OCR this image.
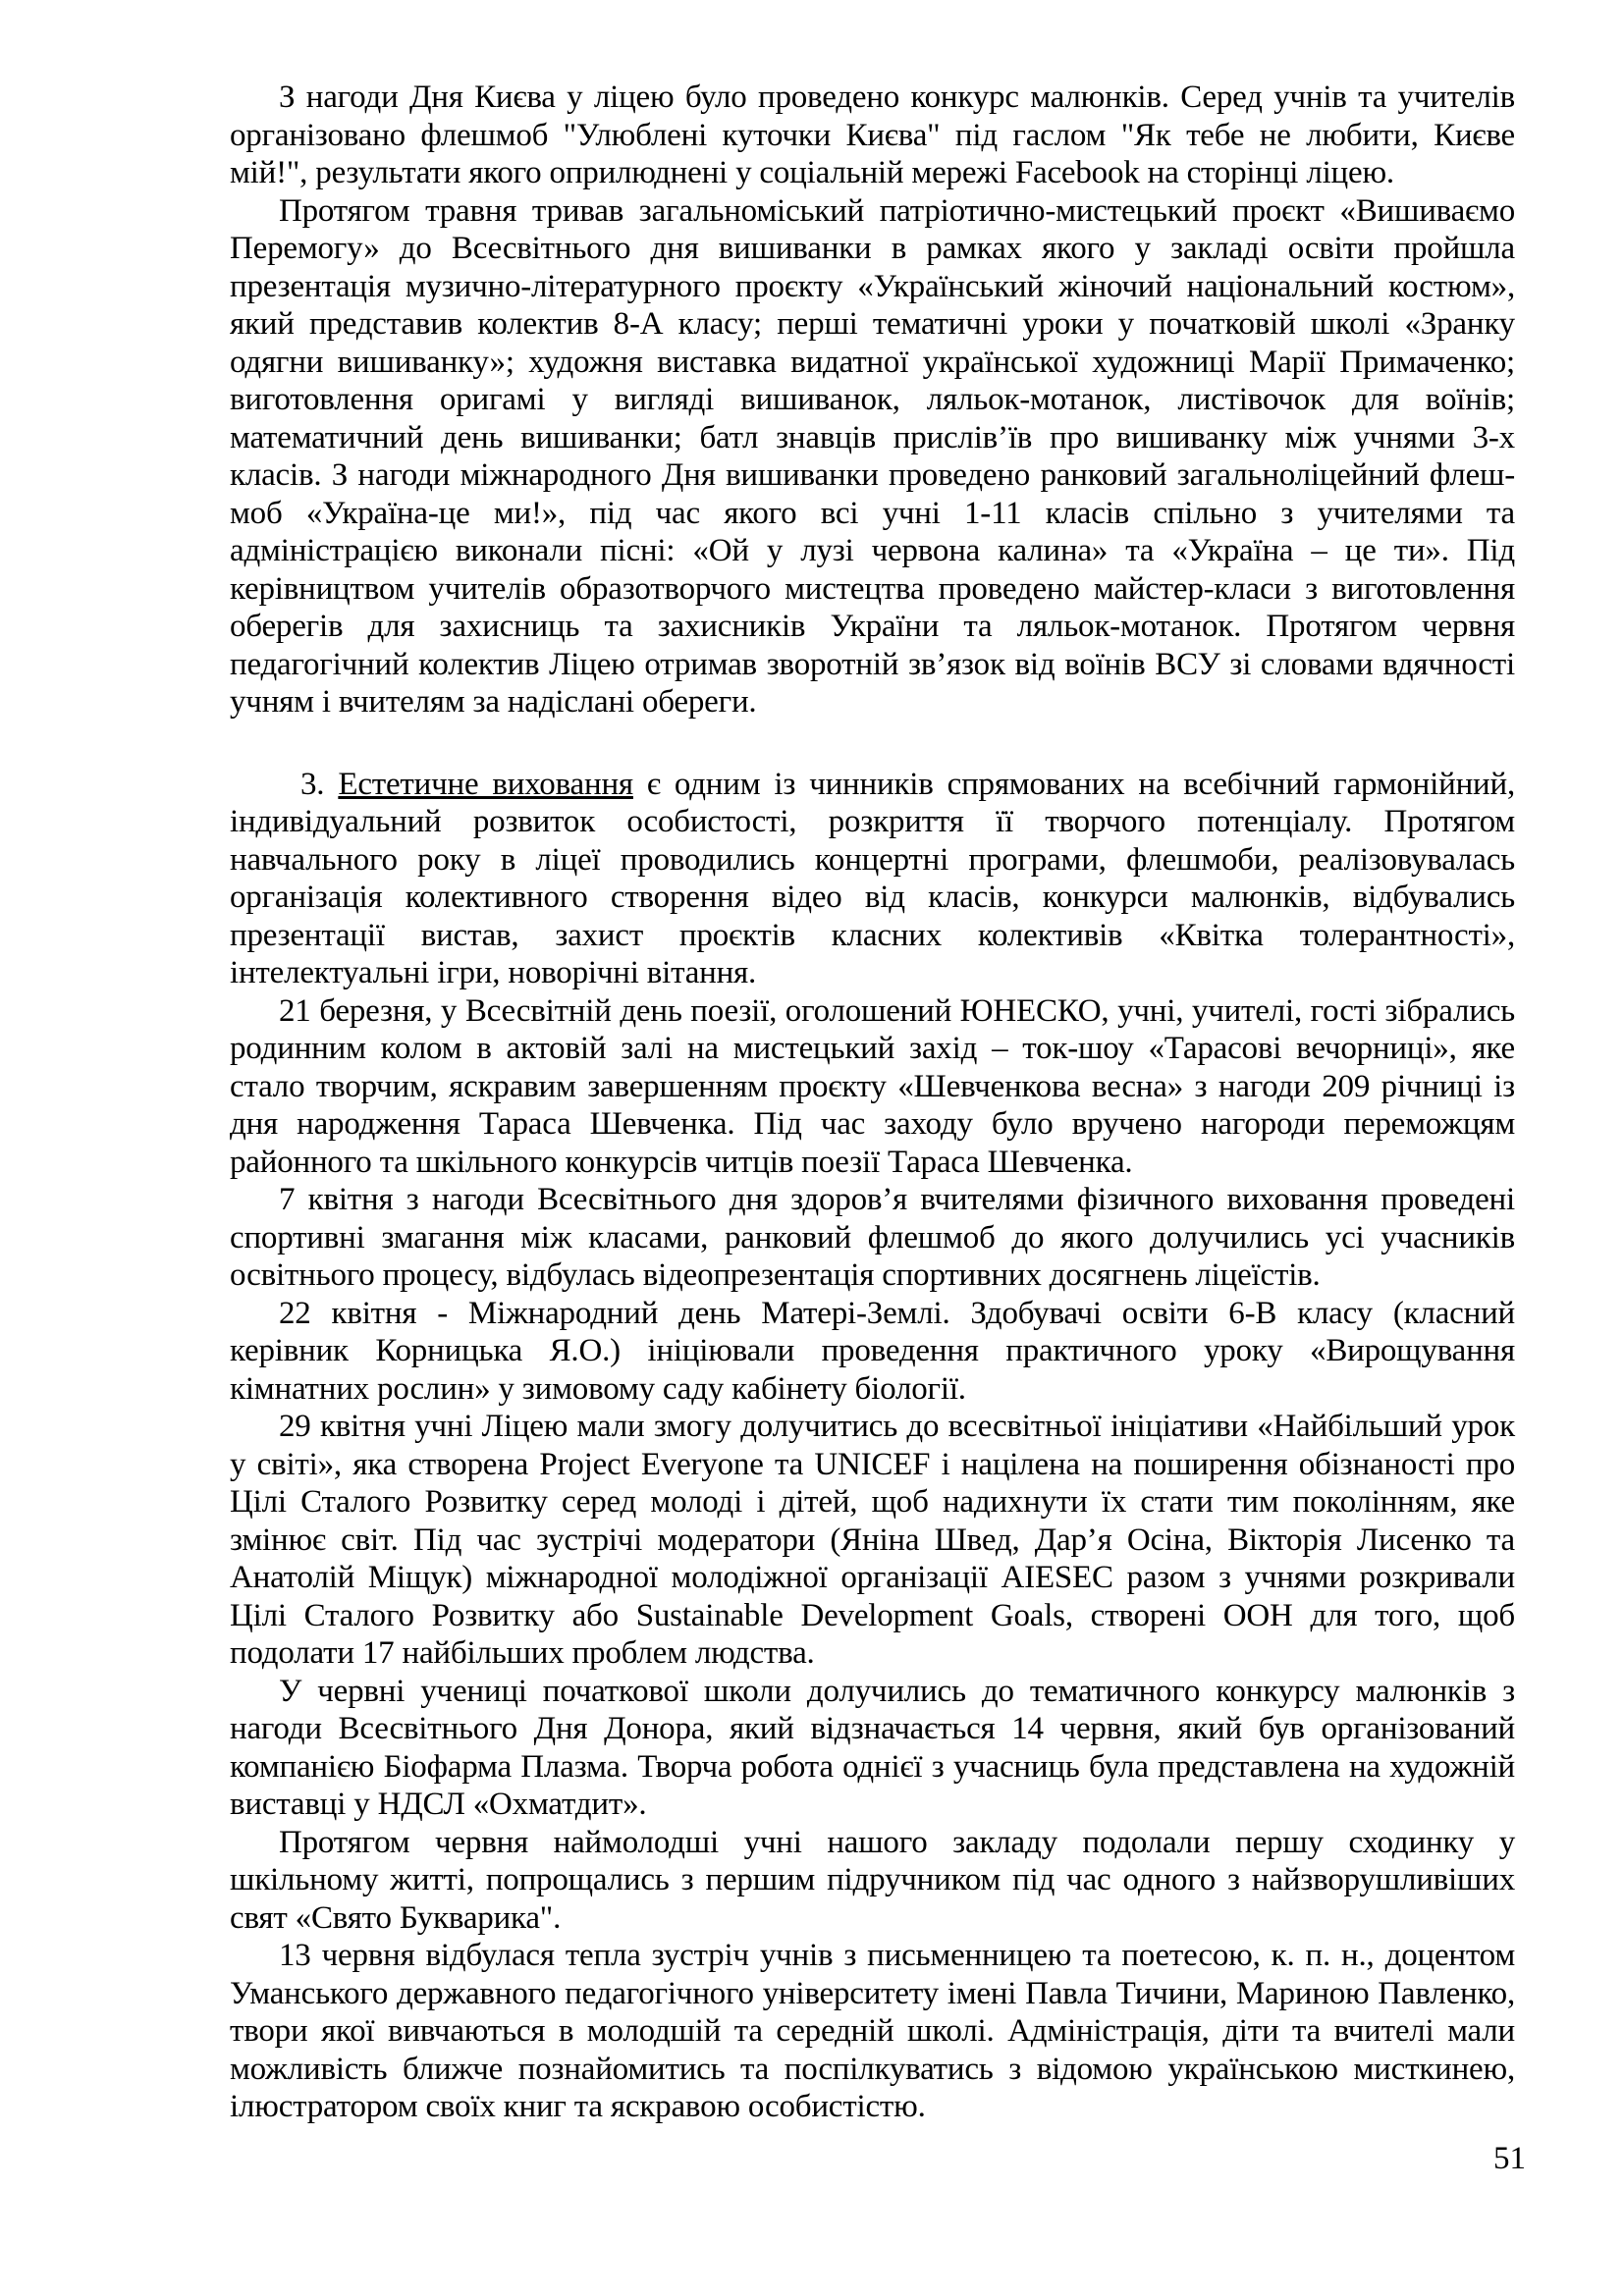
З нагоди Дня Києва у ліцею було проведено конкурс малюнків. Серед учнів та учителів організовано флешмоб "Улюблені куточки Києва" під гаслом "Як тебе не любити, Києве мій!", результати якого оприлюднені у соціальній мережі Facebook на сторінці ліцею.

Протягом травня тривав загальноміський патріотично-мистецький проєкт «Вишиваємо Перемогу» до Всесвітнього дня вишиванки в рамках якого у закладі освіти пройшла презентація музично-літературного проєкту «Український жіночий національний костюм», який представив колектив 8-А класу; перші тематичні уроки у початковій школі «Зранку одягни вишиванку»; художня виставка видатної української художниці Марії Примаченко; виготовлення оригамі у вигляді вишиванок, ляльок-мотанок, листівочок для воїнів; математичний день вишиванки; батл знавців прислів’їв про вишиванку між учнями 3-х класів. З нагоди міжнародного Дня вишиванки проведено ранковий загальноліцейний флеш-моб «Україна-це ми!», під час якого всі учні 1-11 класів спільно з учителями та адміністрацією виконали пісні: «Ой у лузі червона калина» та «Україна – це ти». Під керівництвом учителів образотворчого мистецтва проведено майстер-класи з виготовлення оберегів для захисниць та захисників України та ляльок-мотанок. Протягом червня педагогічний колектив Ліцею отримав зворотній зв’язок від воїнів ВСУ зі словами вдячності учням і вчителям за надіслані обереги.

3. Естетичне виховання є одним із чинників спрямованих на всебічний гармонійний, індивідуальний розвиток особистості, розкриття її творчого потенціалу. Протягом навчального року в ліцеї проводились концертні програми, флешмоби, реалізовувалась організація колективного створення відео від класів, конкурси малюнків, відбувались презентації вистав, захист проєктів класних колективів «Квітка толерантності», інтелектуальні ігри, новорічні вітання.

21 березня, у Всесвітній день поезії, оголошений ЮНЕСКО, учні, учителі, гості зібрались родинним колом в актовій залі на мистецький захід – ток-шоу «Тарасові вечорниці», яке стало творчим, яскравим завершенням проєкту «Шевченкова весна» з нагоди 209 річниці із дня народження Тараса Шевченка. Під час заходу було вручено нагороди переможцям районного та шкільного конкурсів читців поезії Тараса Шевченка.

7 квітня з нагоди Всесвітнього дня здоров’я вчителями фізичного виховання проведені спортивні змагання між класами, ранковий флешмоб до якого долучились усі учасників освітнього процесу, відбулась відеопрезентація спортивних досягнень ліцеїстів.

22 квітня - Міжнародний день Матері-Землі. Здобувачі освіти 6-В класу (класний керівник Корницька Я.О.) ініціювали проведення практичного уроку «Вирощування кімнатних рослин» у зимовому саду кабінету біології.

29 квітня учні Ліцею мали змогу долучитись до всесвітньої ініціативи «Найбільший урок у світі», яка створена Project Everyone та UNICEF і націлена на поширення обізнаності про Цілі Сталого Розвитку серед молоді і дітей, щоб надихнути їх стати тим поколінням, яке змінює світ. Під час зустрічі модератори (Яніна Швед, Дар’я Осіна, Вікторія Лисенко та Анатолій Міщук) міжнародної молодіжної організації AIESEC разом з учнями розкривали Цілі Сталого Розвитку або Sustainable Development Goals, створені ООН для того, щоб подолати 17 найбільших проблем людства.

У червні учениці початкової школи долучились до тематичного конкурсу малюнків з нагоди Всесвітнього Дня Донора, який відзначається 14 червня, який був організований компанією Біофарма Плазма. Творча робота однієї з учасниць була представлена на художній виставці у НДСЛ «Охматдит».

Протягом червня наймолодші учні нашого закладу подолали першу сходинку у шкільному житті, попрощались з першим підручником під час одного з найзворушливіших свят «Свято Букварика".

13 червня відбулася тепла зустріч учнів з письменницею та поетесою, к. п. н., доцентом Уманського державного педагогічного університету імені Павла Тичини, Мариною Павленко, твори якої вивчаються в молодшій та середній школі. Адміністрація, діти та вчителі мали можливість ближче познайомитись та поспілкуватись з відомою українською мисткинею, ілюстратором своїх книг та яскравою особистістю.

51
